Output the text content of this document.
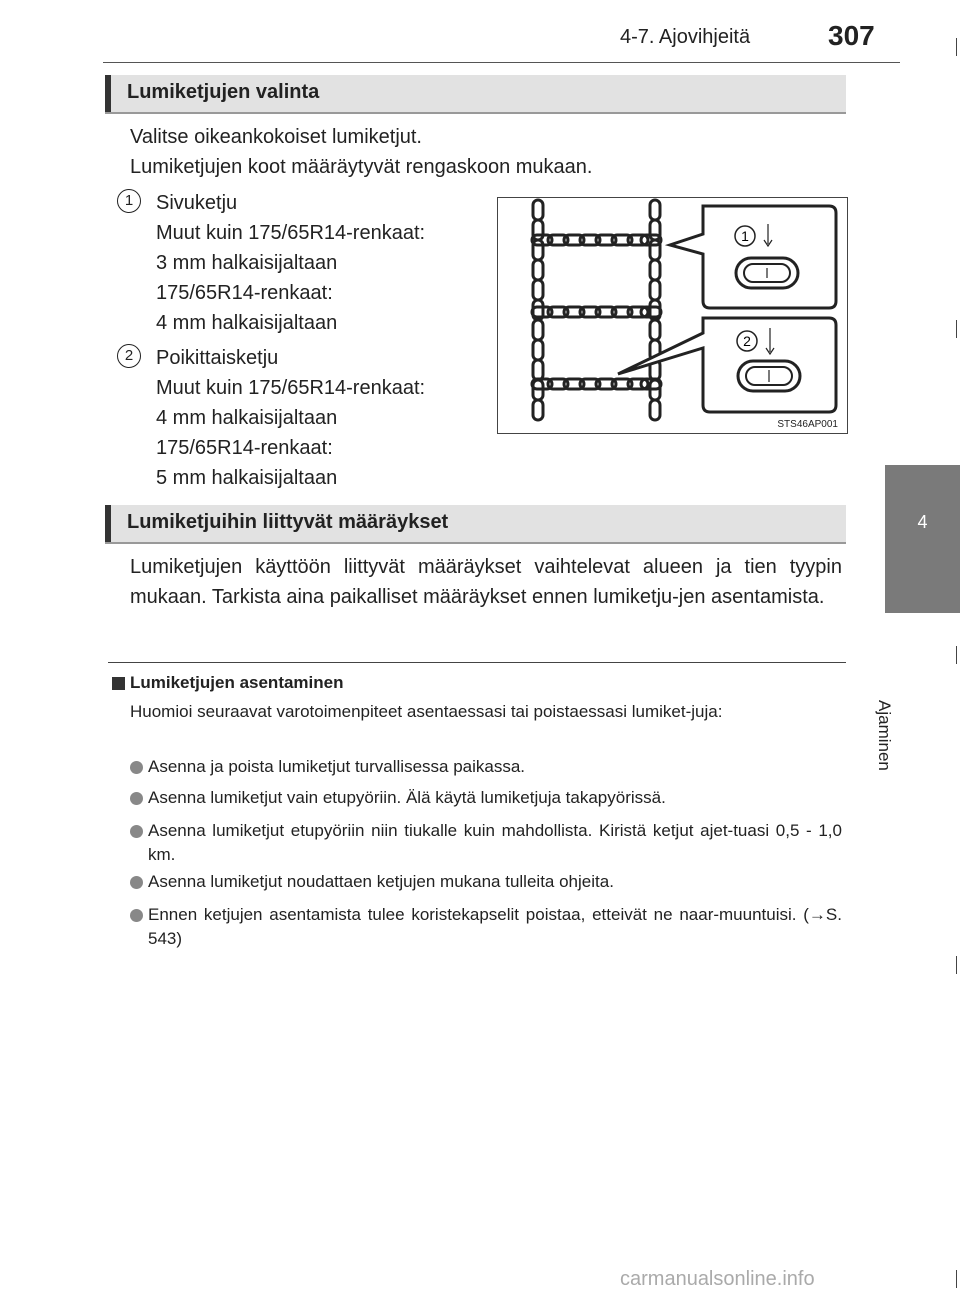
4-7. Ajovihjeitä	307
4
Ajaminen
Lumiketjujen valinta
Valitse oikeankokoiset lumiketjut.
Lumiketjujen koot määräytyvät rengaskoon mukaan.
1	Sivuketju
Muut kuin 175/65R14-renkaat:
3 mm halkaisijaltaan
175/65R14-renkaat:
4 mm halkaisijaltaan
2	Poikittaisketju
Muut kuin 175/65R14-renkaat:
4 mm halkaisijaltaan
175/65R14-renkaat:
5 mm halkaisijaltaan
1
2
STS46AP001
Lumiketjuihin liittyvät määräykset
Lumiketjujen käyttöön liittyvät määräykset vaihtelevat alueen ja tien tyypin mukaan. Tarkista aina paikalliset määräykset ennen lumiketju-jen asentamista.
Lumiketjujen asentaminen
Huomioi seuraavat varotoimenpiteet asentaessasi tai poistaessasi lumiket-juja:
Asenna ja poista lumiketjut turvallisessa paikassa.
Asenna lumiketjut vain etupyöriin. Älä käytä lumiketjuja takapyörissä.
Asenna lumiketjut etupyöriin niin tiukalle kuin mahdollista. Kiristä ketjut ajet-tuasi 0,5 - 1,0 km.
Asenna lumiketjut noudattaen ketjujen mukana tulleita ohjeita.
Ennen ketjujen asentamista tulee koristekapselit poistaa, etteivät ne naar-muuntuisi. (→S. 543)
carmanualsonline.info
